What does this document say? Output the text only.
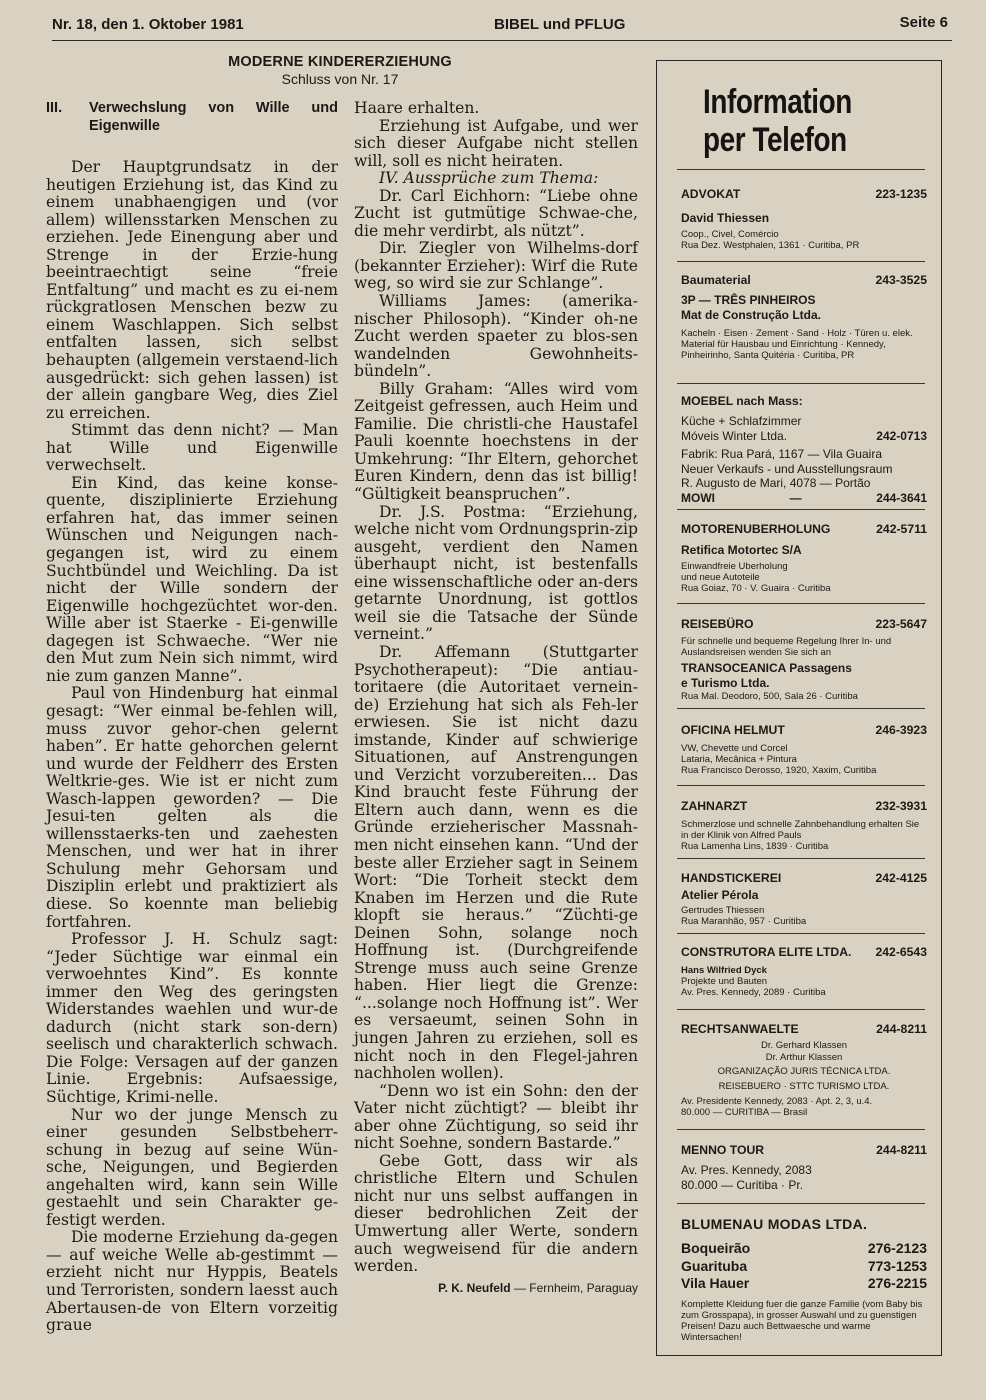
Nr. 18, den 1. Oktober 1981	BIBEL und PFLUG	Seite 6
MODERNE KINDERERZIEHUNG
Schluss von Nr. 17

III. Verwechslung von Wille und Eigenwille

Der Hauptgrundsatz in der heutigen Erziehung ist, das Kind zu einem unabhaengigen und (vor allem) willensstarken Menschen zu erziehen. Jede Einengung aber und Strenge in der Erzie-hung beeintraechtigt seine “freie Entfaltung” und macht es zu ei-nem rückgratlosen Menschen bezw zu einem Waschlappen. Sich selbst entfalten lassen, sich selbst behaupten (allgemein verstaend-lich ausgedrückt: sich gehen lassen) ist der allein gangbare Weg, dies Ziel zu erreichen.

Stimmt das denn nicht? — Man hat Wille und Eigenwille verwechselt.

Ein Kind, das keine konse-quente, disziplinierte Erziehung erfahren hat, das immer seinen Wünschen und Neigungen nach-gegangen ist, wird zu einem Suchtbündel und Weichling. Da ist nicht der Wille sondern der Eigenwille hochgezüchtet wor-den. Wille aber ist Staerke - Ei-genwille dagegen ist Schwaeche. “Wer nie den Mut zum Nein sich nimmt, wird nie zum ganzen Manne”.

Paul von Hindenburg hat einmal gesagt: “Wer einmal be-fehlen will, muss zuvor gehor-chen gelernt haben”. Er hatte gehorchen gelernt und wurde der Feldherr des Ersten Weltkrie-ges. Wie ist er nicht zum Wasch-lappen geworden? — Die Jesui-ten gelten als die willensstaerks-ten und zaehesten Menschen, und wer hat in ihrer Schulung mehr Gehorsam und Disziplin erlebt und praktiziert als diese. So koennte man beliebig fortfahren.

Professor J. H. Schulz sagt: “Jeder Süchtige war einmal ein verwoehntes Kind”. Es konnte immer den Weg des geringsten Widerstandes waehlen und wur-de dadurch (nicht stark son-dern) seelisch und charakterlich schwach. Die Folge: Versagen auf der ganzen Linie. Ergebnis: Aufsaessige, Süchtige, Krimi-nelle.

Nur wo der junge Mensch zu einer gesunden Selbstbeherr-schung in bezug auf seine Wün-sche, Neigungen, und Begierden angehalten wird, kann sein Wille gestaehlt und sein Charakter ge-festigt werden.

Die moderne Erziehung da-gegen — auf weiche Welle ab-gestimmt — erzieht nicht nur Hyppis, Beatels und Terroristen, sondern laesst auch Abertausen-de von Eltern vorzeitig graue

Haare erhalten.

Erziehung ist Aufgabe, und wer sich dieser Aufgabe nicht stellen will, soll es nicht heiraten.

IV. Aussprüche zum Thema:

Dr. Carl Eichhorn: “Liebe ohne Zucht ist gutmütige Schwae-che, die mehr verdirbt, als nützt”.

Dir. Ziegler von Wilhelms-dorf (bekannter Erzieher): Wirf die Rute weg, so wird sie zur Schlange”.

Williams James: (amerika-nischer Philosoph). “Kinder oh-ne Zucht werden spaeter zu blos-sen wandelnden Gewohnheits-bündeln”.

Billy Graham: “Alles wird vom Zeitgeist gefressen, auch Heim und Familie. Die christli-che Haustafel Pauli koennte hoechstens in der Umkehrung: “Ihr Eltern, gehorchet Euren Kindern, denn das ist billig! “Gültigkeit beanspruchen”.

Dr. J.S. Postma: “Erziehung, welche nicht vom Ordnungsprin-zip ausgeht, verdient den Namen überhaupt nicht, ist bestenfalls eine wissenschaftliche oder an-ders getarnte Unordnung, ist gottlos weil sie die Tatsache der Sünde verneint.”

Dr. Affemann (Stuttgarter Psychotherapeut): “Die antiau-toritaere (die Autoritaet vernein-de) Erziehung hat sich als Feh-ler erwiesen. Sie ist nicht dazu imstande, Kinder auf schwierige Situationen, auf Anstrengungen und Verzicht vorzubereiten... Das Kind braucht feste Führung der Eltern auch dann, wenn es die Gründe erzieherischer Massnah-men nicht einsehen kann. “Und der beste aller Erzieher sagt in Seinem Wort: “Die Torheit steckt dem Knaben im Herzen und die Rute klopft sie heraus.” “Züchti-ge Deinen Sohn, solange noch Hoffnung ist. (Durchgreifende Strenge muss auch seine Grenze haben. Hier liegt die Grenze: “...solange noch Hoffnung ist”. Wer es versaeumt, seinen Sohn in jungen Jahren zu erziehen, soll es nicht noch in den Flegel-jahren nachholen wollen).

“Denn wo ist ein Sohn: den der Vater nicht züchtigt? — bleibt ihr aber ohne Züchtigung, so seid ihr nicht Soehne, sondern Bastarde.”

Gebe Gott, dass wir als christliche Eltern und Schulen nicht nur uns selbst auffangen in dieser bedrohlichen Zeit der Umwertung aller Werte, sondern auch wegweisend für die andern werden.

P. K. Neufeld — Fernheim, Paraguay
Information
per Telefon
ADVOKAT	223-1235
David Thiessen
Coop., Civel, Comércio
Rua Dez. Westphalen, 1361 · Curitiba, PR
Baumaterial	243-3525
3P — TRÊS PINHEIROS
Mat de Construção Ltda.
Kacheln · Eisen · Zement · Sand · Holz · Türen u. elek. Material für Hausbau und Einrichtung · Kennedy, Pinheirinho, Santa Quitéria · Curitiba, PR
MOEBEL nach Mass:
Küche + Schlafzimmer
Móveis Winter Ltda.	242-0713
Fabrik: Rua Pará, 1167 — Vila Guaira
Neuer Verkaufs - und Ausstellungsraum
R. Augusto de Mari, 4078 — Portão
MOWI	—	244-3641
MOTORENUBERHOLUNG	242-5711
Retifica Motortec S/A
Einwandfreie Uberholung
und neue Autoteile
Rua Goiaz, 70 · V. Guaira · Curitiba
REISEBÜRO	223-5647
Für schnelle und bequeme Regelung Ihrer In- und Auslandsreisen wenden Sie sich an
TRANSOCEANICA Passagens
e Turismo Ltda.
Rua Mal. Deodoro, 500, Sala 26 · Curitiba
OFICINA HELMUT	246-3923
VW, Chevette und Corcel
Lataria, Mecânica + Pintura
Rua Francisco Derosso, 1920, Xaxim, Curitiba
ZAHNARZT	232-3931
Schmerzlose und schnelle Zahnbehandlung erhalten Sie in der Klinik von Alfred Pauls
Rua Lamenha Lins, 1839 · Curitiba
HANDSTICKEREI	242-4125
Atelier Pérola
Gertrudes Thiessen
Rua Maranhão, 957 · Curitiba
CONSTRUTORA ELITE LTDA. 242-6543
Hans Wilfried Dyck
Projekte und Bauten
Av. Pres. Kennedy, 2089 · Curitiba
RECHTSANWAELTE	244-8211
Dr. Gerhard Klassen
Dr. Arthur Klassen
ORGANIZAÇÃO JURIS TÉCNICA LTDA.
REISEBUERO · STTC TURISMO LTDA.
Av. Presidente Kennedy, 2083 · Apt. 2, 3, u.4.
80.000 — CURITIBA — Brasil
MENNO TOUR	244-8211
Av. Pres. Kennedy, 2083
80.000 — Curitiba · Pr.
BLUMENAU MODAS LTDA.
Boqueirão	276-2123
Guarituba	773-1253
Vila Hauer	276-2215
Komplette Kleidung fuer die ganze Familie (vom Baby bis zum Grosspapa), in grosser Auswahl und zu guenstigen Preisen! Dazu auch Bettwaesche und warme Wintersachen!
